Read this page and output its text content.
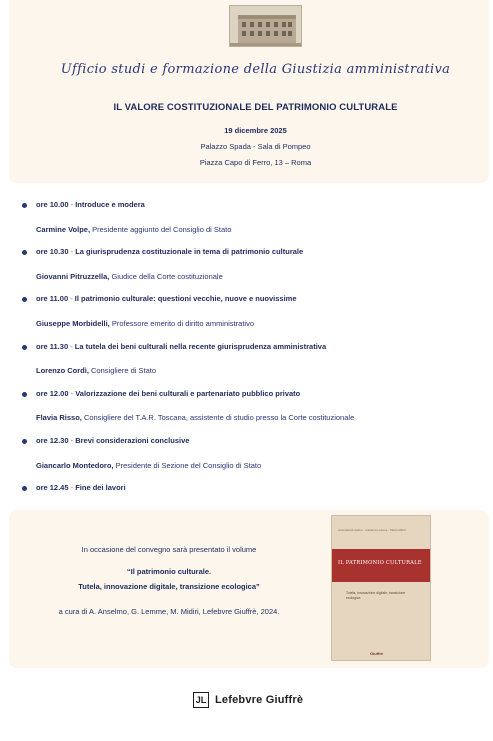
Ufficio studi e formazione della Giustizia amministrativa
IL VALORE COSTITUZIONALE DEL PATRIMONIO CULTURALE
19 dicembre 2025
Palazzo Spada - Sala di Pompeo
Piazza Capo di Ferro, 13 – Roma
ore 10.00 - Introduce e modera
Carmine Volpe, Presidente aggiunto del Consiglio di Stato
ore 10.30 - La giurisprudenza costituzionale in tema di patrimonio culturale
Giovanni Pitruzzella, Giudice della Corte costituzionale
ore 11.00 - Il patrimonio culturale: questioni vecchie, nuove e nuovissime
Giuseppe Morbidelli, Professore emerito di diritto amministrativo
ore 11.30 - La tutela dei beni culturali nella recente giurisprudenza amministrativa
Lorenzo Cordì, Consigliere di Stato
ore 12.00 - Valorizzazione dei beni culturali e partenariato pubblico privato
Flavia Risso, Consigliere del T.A.R. Toscana, assistente di studio presso la Corte costituzionale
ore 12.30 - Brevi considerazioni conclusive
Giancarlo Montedoro, Presidente di Sezione del Consiglio di Stato
ore 12.45 - Fine dei lavori
In occasione del convegno sarà presentato il volume
“Il patrimonio culturale.
Tutela, innovazione digitale, transizione ecologica”
a cura di A. Anselmo, G. Lemme, M. Midiri, Lefebvre Giuffrè, 2024.
Antonella Anselmo · Giuliana Lemme · Mario Midiri
IL PATRIMONIO CULTURALE
Tutela, innovazione digitale, transizione ecologica
Giuffrè
JL Lefebvre Giuffrè
